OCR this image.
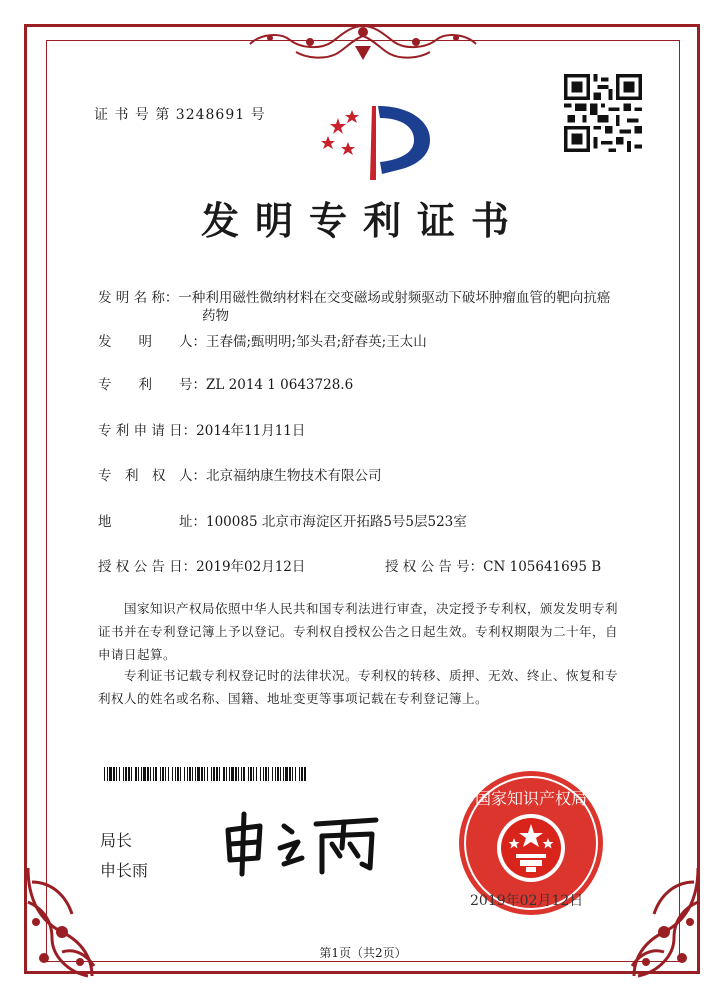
证 书 号 第 3248691 号
发明专利证书
发 明 名 称：一种利用磁性微纳材料在交变磁场或射频驱动下破坏肿瘤血管的靶向抗癌
药物
发　　明　　人：王春儒;甄明明;邹头君;舒春英;王太山
专　　利　　号：ZL 2014 1 0643728.6
专 利 申 请 日：2014年11月11日
专　利　权　人：北京福纳康生物技术有限公司
地　　　　　址：100085 北京市海淀区开拓路5号5层523室
授 权 公 告 日：2019年02月12日	授 权 公 告 号：CN 105641695 B
　　国家知识产权局依照中华人民共和国专利法进行审查，决定授予专利权，颁发发明专利
证书并在专利登记簿上予以登记。专利权自授权公告之日起生效。专利权期限为二十年，自
申请日起算。
　　专利证书记载专利权登记时的法律状况。专利权的转移、质押、无效、终止、恢复和专
利权人的姓名或名称、国籍、地址变更等事项记载在专利登记簿上。
局长
申长雨
国家知识产权局
2019年02月12日
第1页（共2页）
